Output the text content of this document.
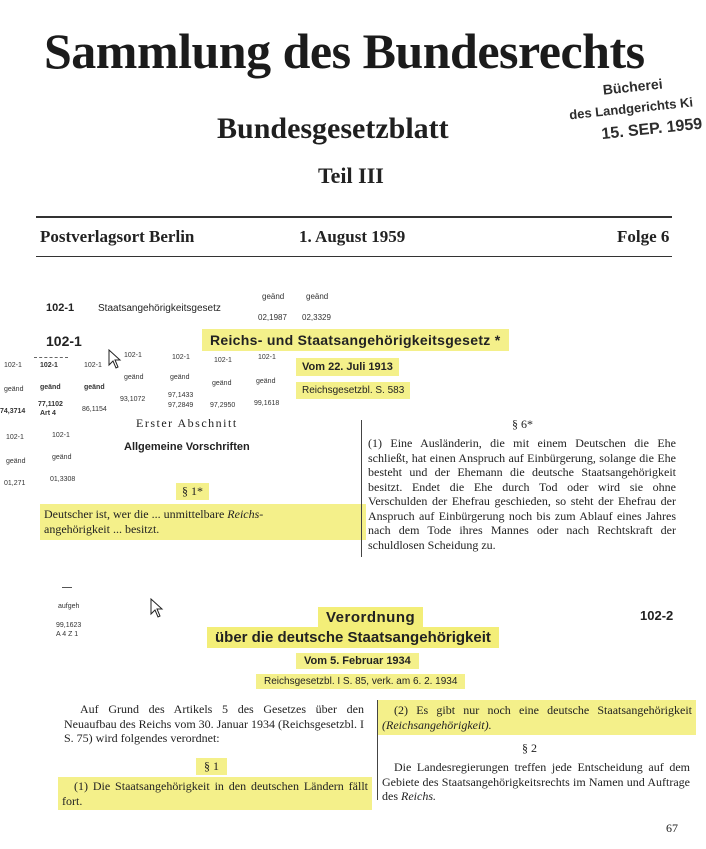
Sammlung des Bundesrechts
Bundesgesetzblatt
Teil III
Bücherei
des Landgerichts Ki
15. SEP. 1959
Postverlagsort Berlin	1. August 1959	Folge 6
102-1 Staatsangehörigkeitsgesetz
geänd	geänd
02,1987 02,3329
102-1	Reichs- und Staatsangehörigkeitsgesetz *
Vom 22. Juli 1913
Reichsgesetzbl. S. 583
102-1
geänd
74,3714
102-1
geänd
77,1102
Art 4
102-1
geänd
86,1154
102-1
geänd
93,1072
102-1
geänd
97,1433
97,2849
102-1
geänd
97,2950
102-1
geänd
99,1618
102-1
geänd
01,271
102-1
geänd
01,3308
Erster Abschnitt
Allgemeine Vorschriften
§ 1*
Deutscher ist, wer die ... unmittelbare Reichs-
angehörigkeit ... besitzt.
§ 6*
(1) Eine Ausländerin, die mit einem Deutschen die Ehe schließt, hat einen Anspruch auf Einbürgerung, solange die Ehe besteht und der Ehemann die deutsche Staatsangehörigkeit besitzt. Endet die Ehe durch Tod oder wird sie ohne Verschulden der Ehefrau geschieden, so steht der Ehefrau der Anspruch auf Einbürgerung noch bis zum Ablauf eines Jahres nach dem Tode ihres Mannes oder nach Rechtskraft der schuldlosen Scheidung zu.
aufgeh
99,1623
A 4 Z 1
102-2
Verordnung
über die deutsche Staatsangehörigkeit
Vom 5. Februar 1934
Reichsgesetzbl. I S. 85, verk. am 6. 2. 1934
Auf Grund des Artikels 5 des Gesetzes über den Neuaufbau des Reichs vom 30. Januar 1934 (Reichsgesetzbl. I S. 75) wird folgendes verordnet:
§ 1
(1) Die Staatsangehörigkeit in den deutschen Ländern fällt fort.
(2) Es gibt nur noch eine deutsche Staatsangehörigkeit (Reichsangehörigkeit).
§ 2
Die Landesregierungen treffen jede Entscheidung auf dem Gebiete des Staatsangehörigkeitsrechts im Namen und Auftrage des Reichs.
67
